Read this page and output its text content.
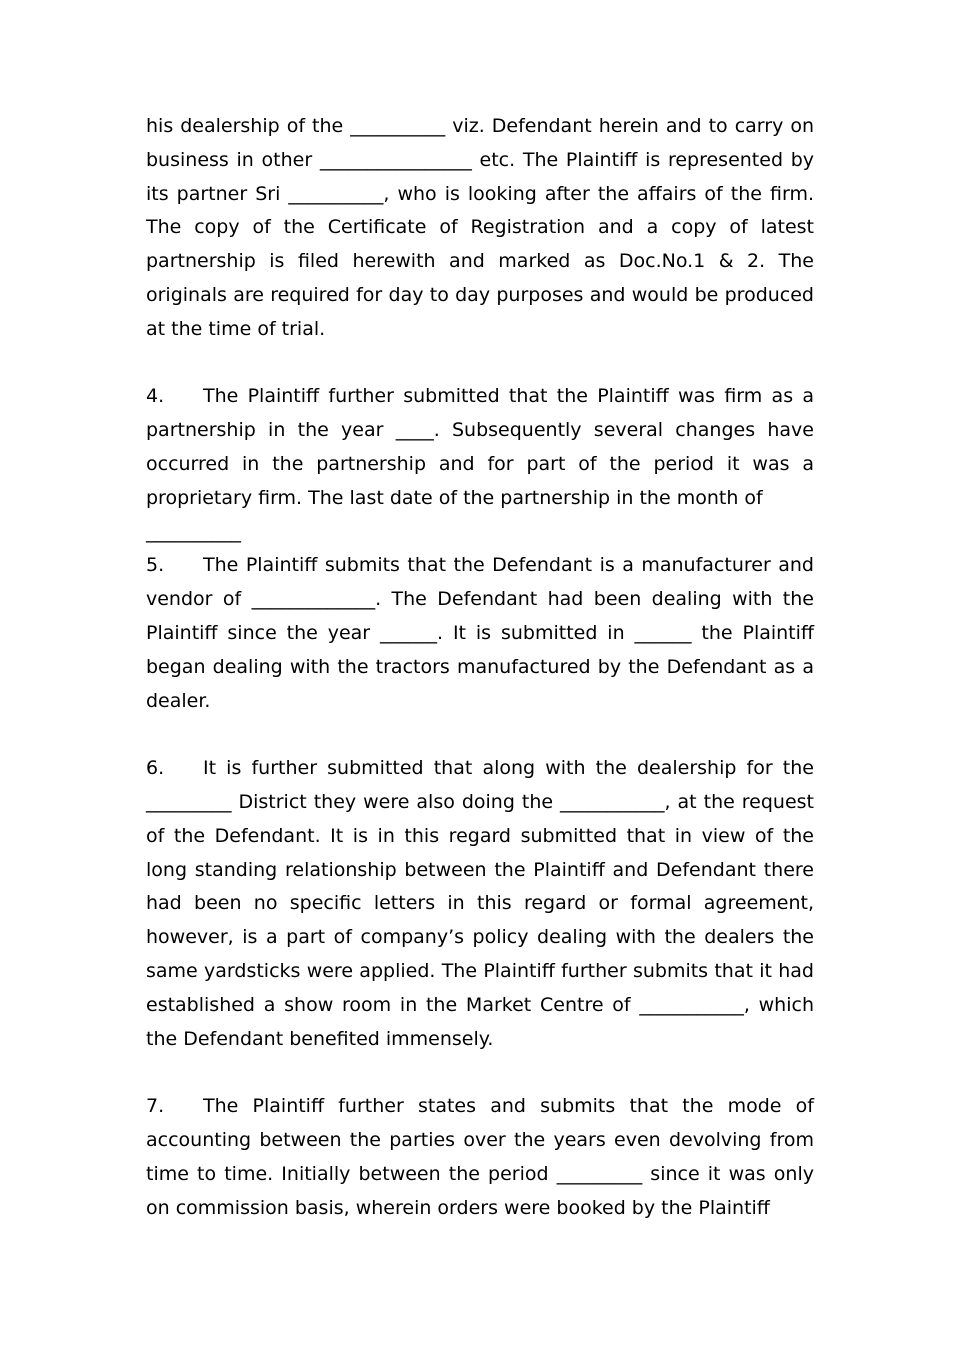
his dealership of the __________ viz. Defendant herein and to carry on business in other ________________ etc. The Plaintiff is represented by its partner Sri __________, who is looking after the affairs of the firm. The copy of the Certificate of Registration and a copy of latest partnership is filed herewith and marked as Doc.No.1 & 2. The originals are required for day to day purposes and would be produced at the time of trial.

4. The Plaintiff further submitted that the Plaintiff was firm as a partnership in the year ____. Subsequently several changes have occurred in the partnership and for part of the period it was a proprietary firm. The last date of the partnership in the month of

__________

5. The Plaintiff submits that the Defendant is a manufacturer and vendor of _____________. The Defendant had been dealing with the Plaintiff since the year ______. It is submitted in ______ the Plaintiff began dealing with the tractors manufactured by the Defendant as a dealer.

6. It is further submitted that along with the dealership for the _________ District they were also doing the ___________, at the request of the Defendant. It is in this regard submitted that in view of the long standing relationship between the Plaintiff and Defendant there had been no specific letters in this regard or formal agreement, however, is a part of company’s policy dealing with the dealers the same yardsticks were applied. The Plaintiff further submits that it had established a show room in the Market Centre of ___________, which the Defendant benefited immensely.

7. The Plaintiff further states and submits that the mode of accounting between the parties over the years even devolving from time to time. Initially between the period _________ since it was only on commission basis, wherein orders were booked by the Plaintiff
